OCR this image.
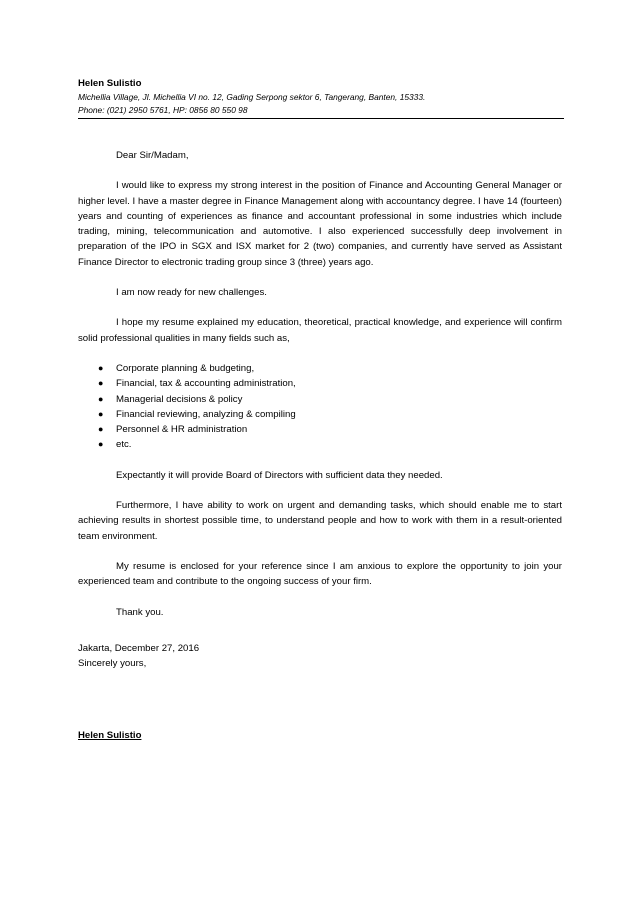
Helen Sulistio
Michellia Village, Jl. Michellia VI no. 12, Gading Serpong sektor 6, Tangerang, Banten, 15333.
Phone: (021) 2950 5761, HP: 0856 80 550 98

Dear Sir/Madam,

I would like to express my strong interest in the position of Finance and Accounting General Manager or higher level. I have a master degree in Finance Management along with accountancy degree. I have 14 (fourteen) years and counting of experiences as finance and accountant professional in some industries which include trading, mining, telecommunication and automotive. I also experienced successfully deep involvement in preparation of the IPO in SGX and ISX market for 2 (two) companies, and currently have served as Assistant Finance Director to electronic trading group since 3 (three) years ago.

I am now ready for new challenges.

I hope my resume explained my education, theoretical, practical knowledge, and experience will confirm solid professional qualities in many fields such as,

● Corporate planning & budgeting,
● Financial, tax & accounting administration,
● Managerial decisions & policy
● Financial reviewing, analyzing & compiling
● Personnel & HR administration
● etc.

Expectantly it will provide Board of Directors with sufficient data they needed.

Furthermore, I have ability to work on urgent and demanding tasks, which should enable me to start achieving results in shortest possible time, to understand people and how to work with them in a result-oriented team environment.

My resume is enclosed for your reference since I am anxious to explore the opportunity to join your experienced team and contribute to the ongoing success of your firm.

Thank you.

Jakarta, December 27, 2016
Sincerely yours,
Helen Sulistio
